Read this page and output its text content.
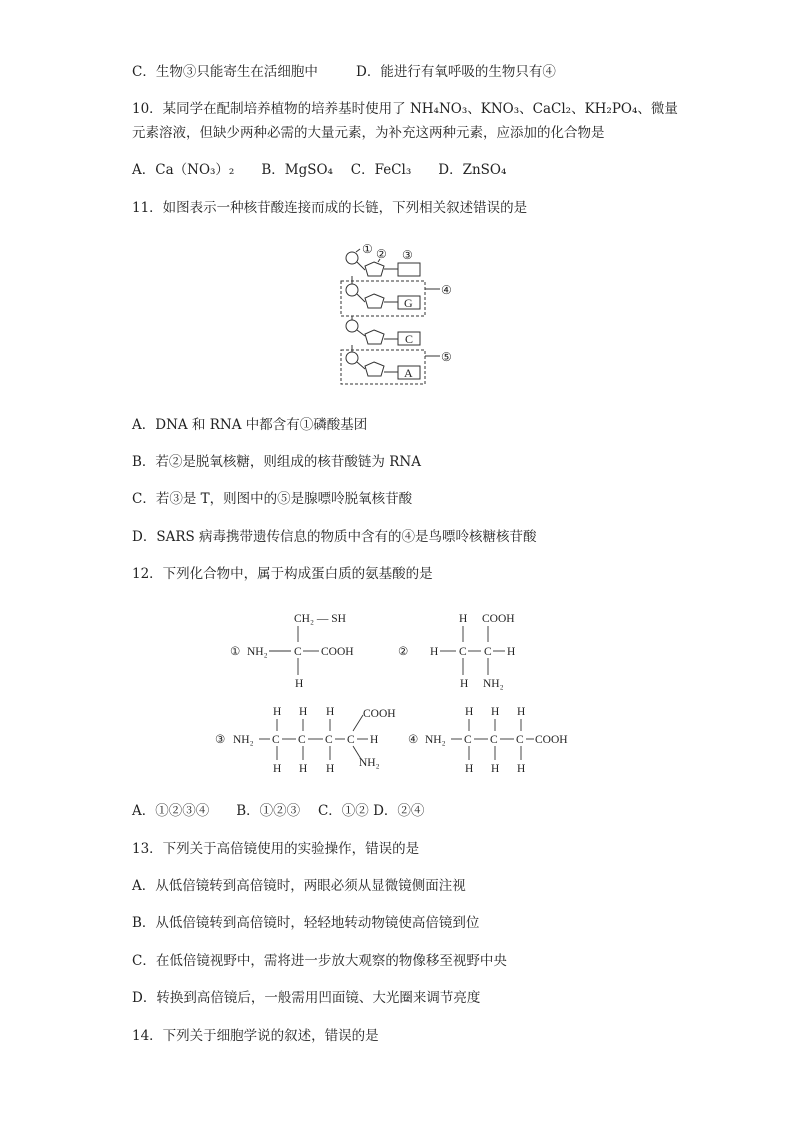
C．生物③只能寄生在活细胞中	D．能进行有氧呼吸的生物只有④
10．某同学在配制培养植物的培养基时使用了 NH₄NO₃、KNO₃、CaCl₂、KH₂PO₄、微量
元素溶液，但缺少两种必需的大量元素，为补充这两种元素，应添加的化合物是
A．Ca（NO₃）₂　　B．MgSO₄　 C．FeCl₃　　D．ZnSO₄
11．如图表示一种核苷酸连接而成的长链，下列相关叙述错误的是
① ② ③
④
⑤
G
C
A
A．DNA 和 RNA 中都含有①磷酸基团
B．若②是脱氧核糖，则组成的核苷酸链为 RNA
C．若③是 T，则图中的⑤是腺嘌呤脱氧核苷酸
D．SARS 病毒携带遗传信息的物质中含有的④是鸟嘌呤核糖核苷酸
12．下列化合物中，属于构成蛋白质的氨基酸的是
①
CH₂ — SH
NH₂ C COOH
H
②
H COOH
H C C H
H NH₂
③ NH₂
H H H
C C C C H
COOH
NH₂
H H H
④ NH₂
H H H
C C C COOH
H H H
A．①②③④　　B．①②③　 C．①② D．②④
13．下列关于高倍镜使用的实验操作，错误的是
A．从低倍镜转到高倍镜时，两眼必须从显微镜侧面注视
B．从低倍镜转到高倍镜时，轻轻地转动物镜使高倍镜到位
C．在低倍镜视野中，需将进一步放大观察的物像移至视野中央
D．转换到高倍镜后，一般需用凹面镜、大光圈来调节亮度
14．下列关于细胞学说的叙述，错误的是
